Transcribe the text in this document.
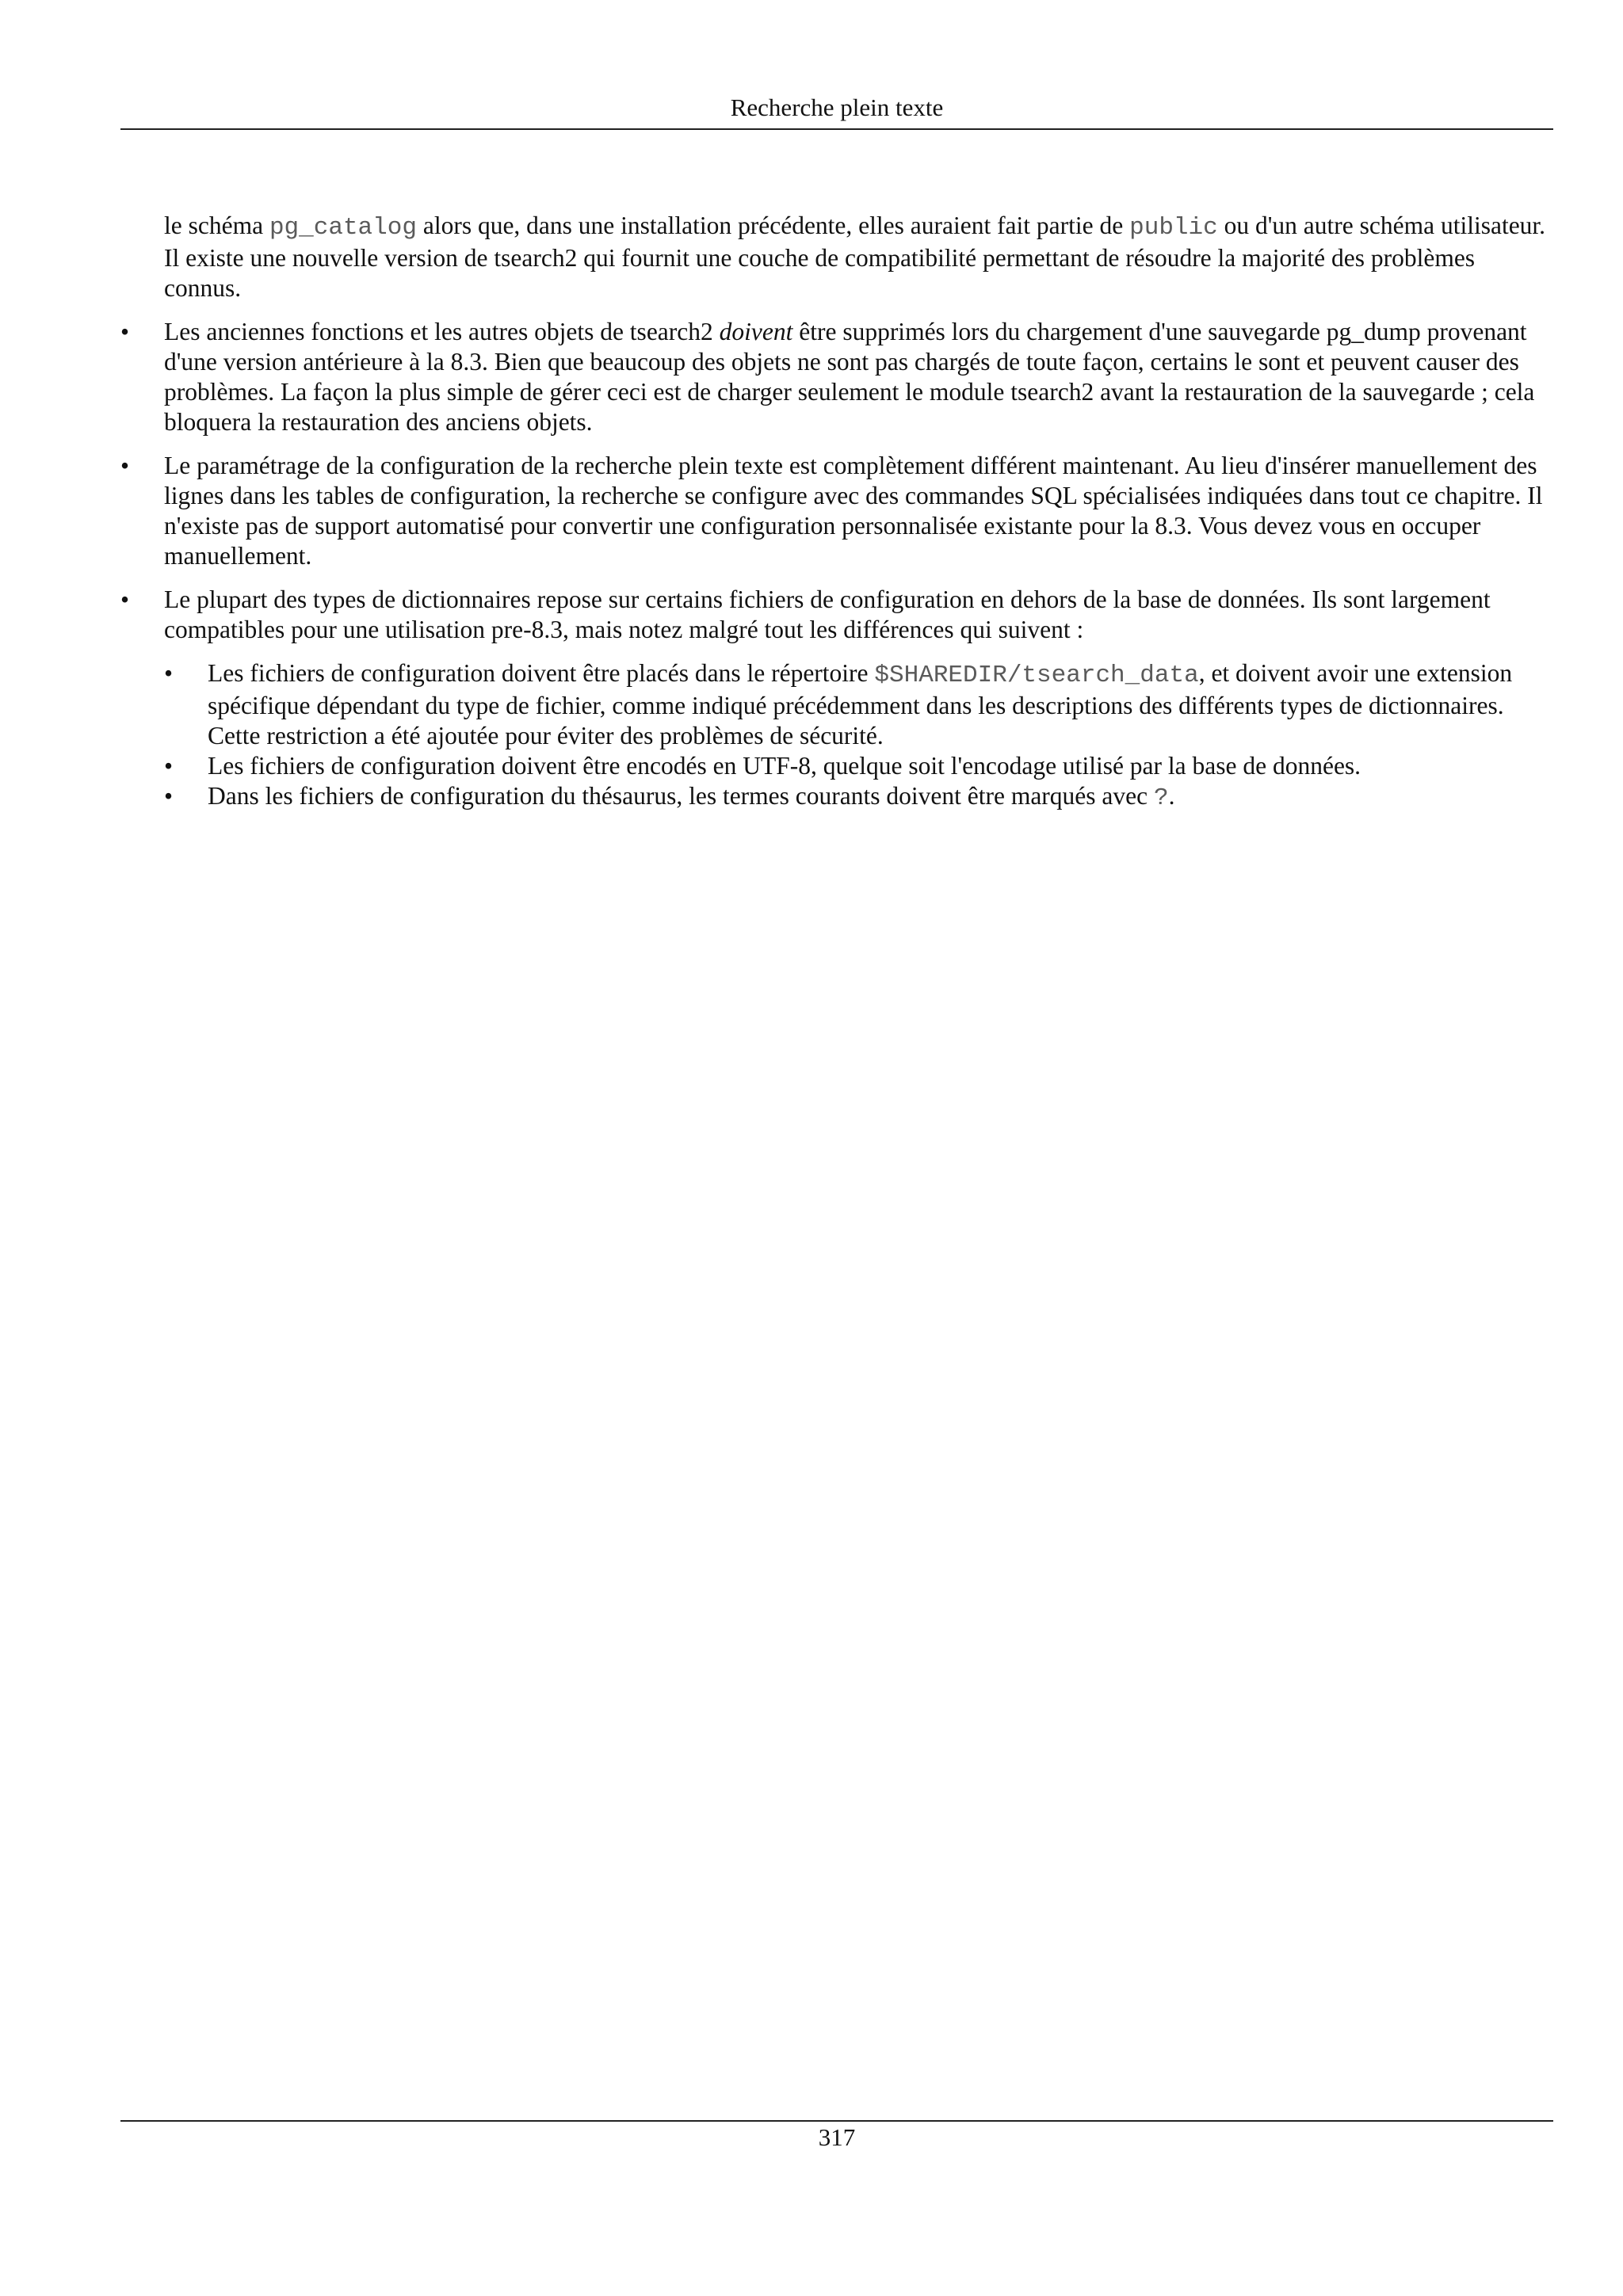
Recherche plein texte

le schéma pg_catalog alors que, dans une installation précédente, elles auraient fait partie de public ou d'un autre schéma utilisateur. Il existe une nouvelle version de tsearch2 qui fournit une couche de compatibilité permettant de résoudre la majorité des problèmes connus.

• Les anciennes fonctions et les autres objets de tsearch2 doivent être supprimés lors du chargement d'une sauvegarde pg_dump provenant d'une version antérieure à la 8.3. Bien que beaucoup des objets ne sont pas chargés de toute façon, certains le sont et peuvent causer des problèmes. La façon la plus simple de gérer ceci est de charger seulement le module tsearch2 avant la restauration de la sauvegarde ; cela bloquera la restauration des anciens objets.
• Le paramétrage de la configuration de la recherche plein texte est complètement différent maintenant. Au lieu d'insérer manuellement des lignes dans les tables de configuration, la recherche se configure avec des commandes SQL spécialisées indiquées dans tout ce chapitre. Il n'existe pas de support automatisé pour convertir une configuration personnalisée existante pour la 8.3. Vous devez vous en occuper manuellement.
• Le plupart des types de dictionnaires repose sur certains fichiers de configuration en dehors de la base de données. Ils sont largement compatibles pour une utilisation pre-8.3, mais notez malgré tout les différences qui suivent :
• Les fichiers de configuration doivent être placés dans le répertoire $SHAREDIR/tsearch_data, et doivent avoir une extension spécifique dépendant du type de fichier, comme indiqué précédemment dans les descriptions des différents types de dictionnaires. Cette restriction a été ajoutée pour éviter des problèmes de sécurité.
• Les fichiers de configuration doivent être encodés en UTF-8, quelque soit l'encodage utilisé par la base de données.
• Dans les fichiers de configuration du thésaurus, les termes courants doivent être marqués avec ?.
317
